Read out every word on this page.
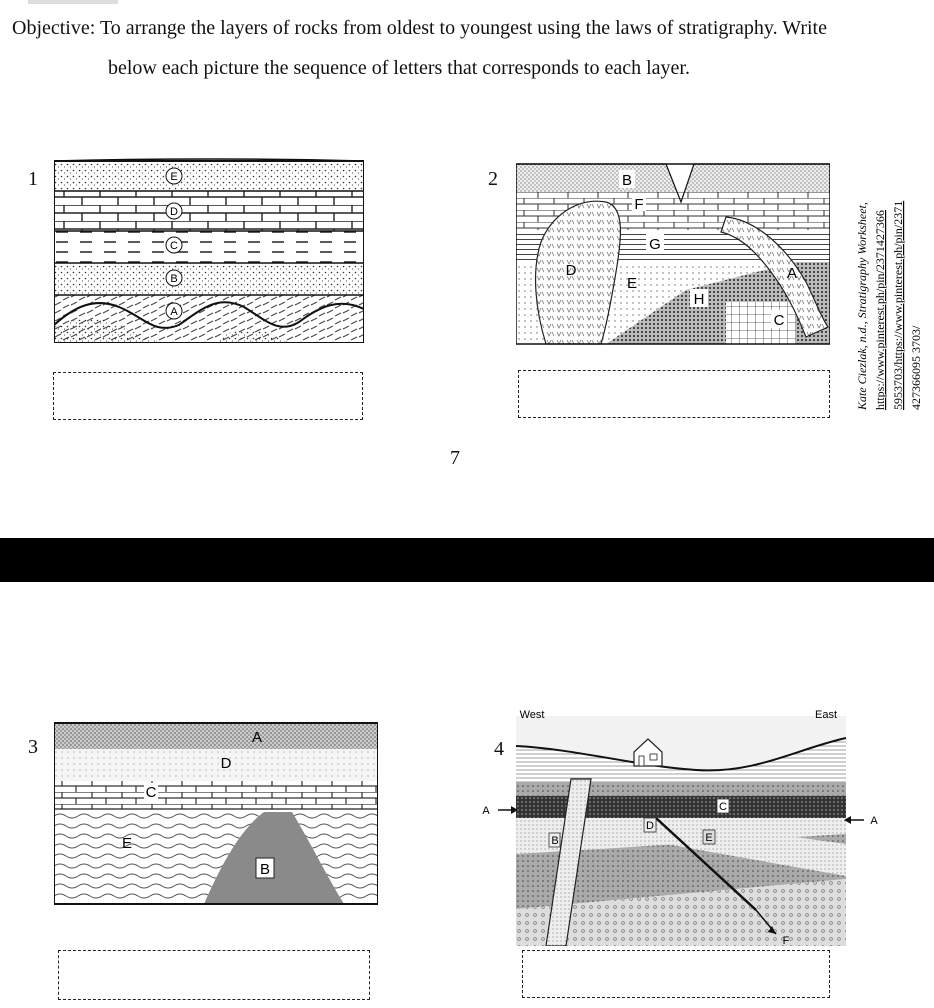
Objective: To arrange the layers of rocks from oldest to youngest using the laws of stratigraphy. Write
below each picture the sequence of letters that corresponds to each layer.
1	E
D
C
B
A
2	B
F
G
D
E
H
A
C
7
Kate Ciezlak, n.d., Stratigraphy Worksheet, https://www.pinterest.ph/pin/2371427366 5953703/https://www.pinterest.ph/pin/2371 427366095 3703/
3	A
D
C
E
B
4
West	East
A
A
B
D
C
E
F
